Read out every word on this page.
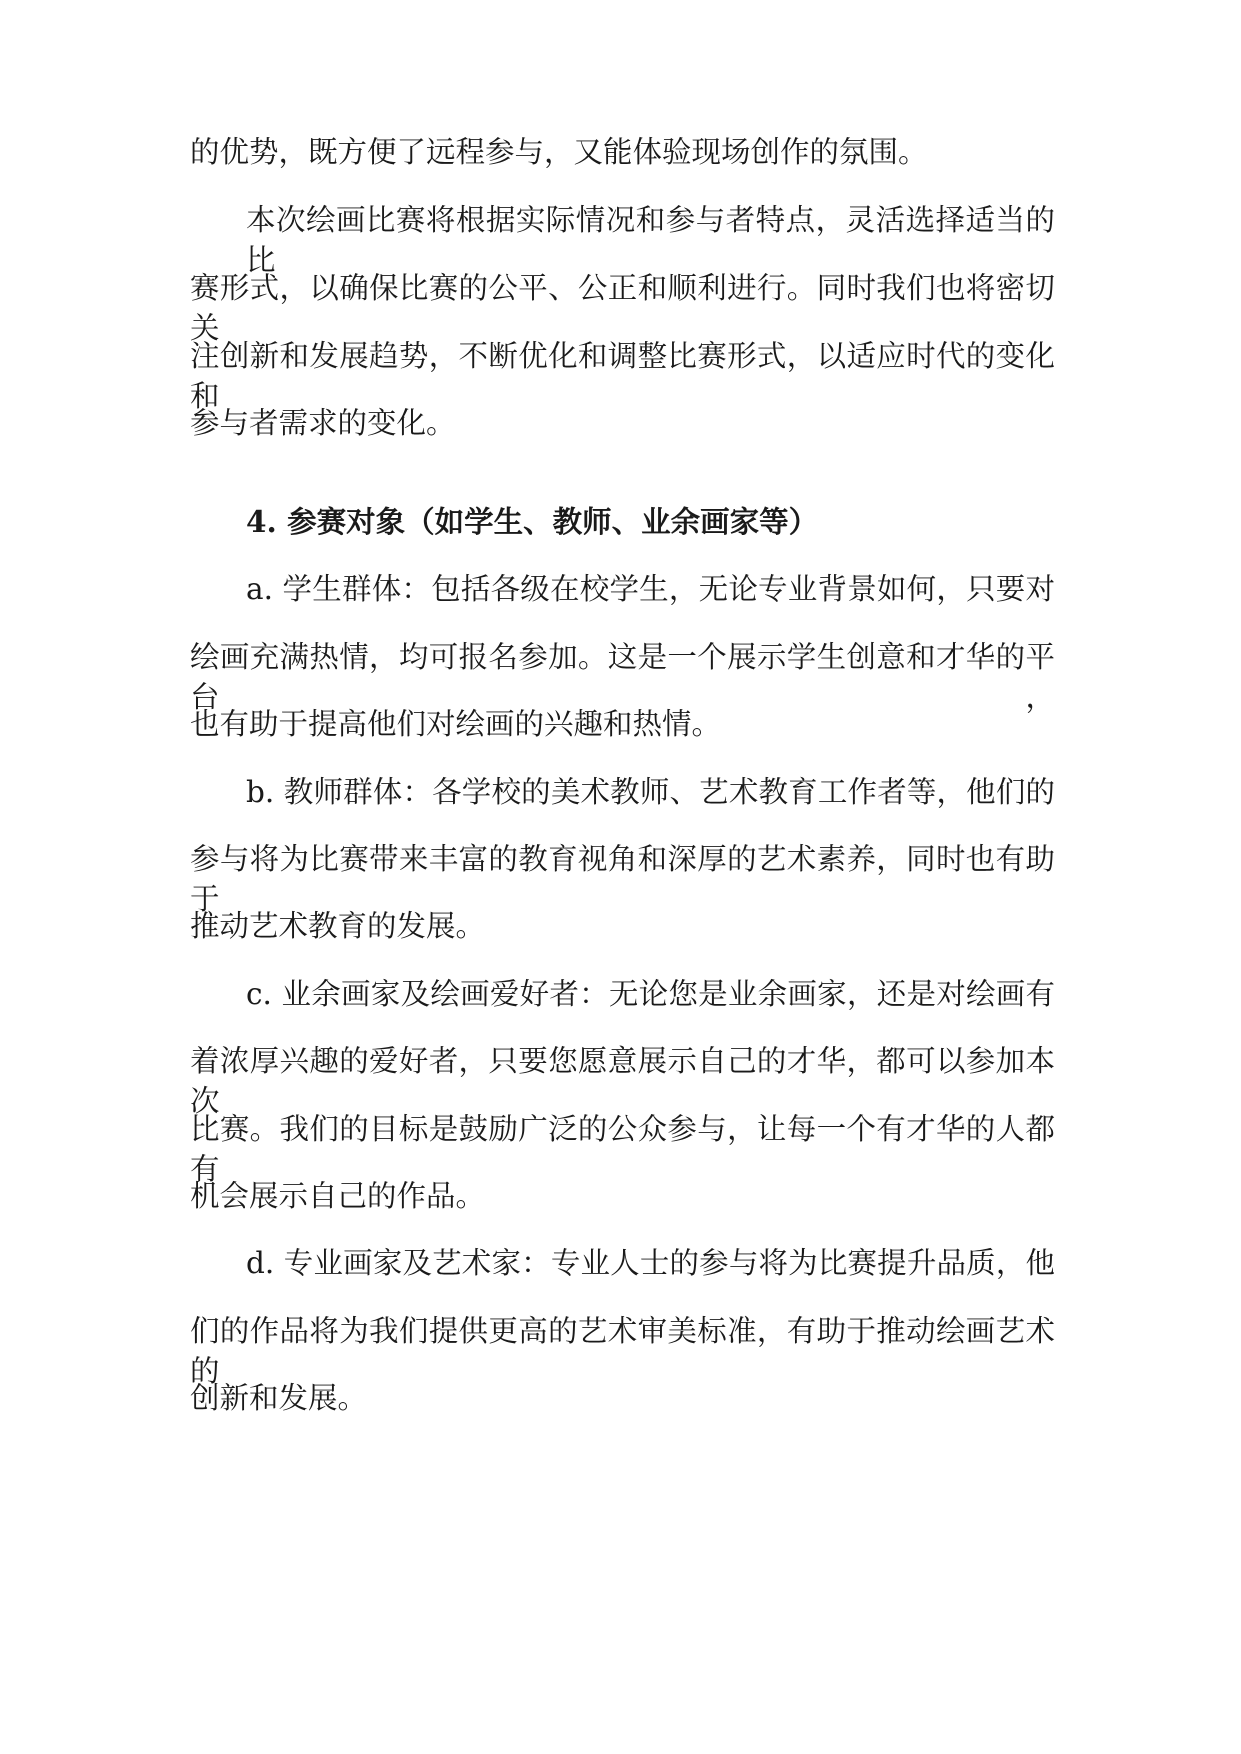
的优势，既方便了远程参与，又能体验现场创作的氛围。
本次绘画比赛将根据实际情况和参与者特点，灵活选择适当的比
赛形式，以确保比赛的公平、公正和顺利进行。同时我们也将密切关
注创新和发展趋势，不断优化和调整比赛形式，以适应时代的变化和
参与者需求的变化。
4. 参赛对象（如学生、教师、业余画家等）
a. 学生群体：包括各级在校学生，无论专业背景如何，只要对
绘画充满热情，均可报名参加。这是一个展示学生创意和才华的平台，
也有助于提高他们对绘画的兴趣和热情。
b. 教师群体：各学校的美术教师、艺术教育工作者等，他们的
参与将为比赛带来丰富的教育视角和深厚的艺术素养，同时也有助于
推动艺术教育的发展。
c. 业余画家及绘画爱好者：无论您是业余画家，还是对绘画有
着浓厚兴趣的爱好者，只要您愿意展示自己的才华，都可以参加本次
比赛。我们的目标是鼓励广泛的公众参与，让每一个有才华的人都有
机会展示自己的作品。
d. 专业画家及艺术家：专业人士的参与将为比赛提升品质，他
们的作品将为我们提供更高的艺术审美标准，有助于推动绘画艺术的
创新和发展。
